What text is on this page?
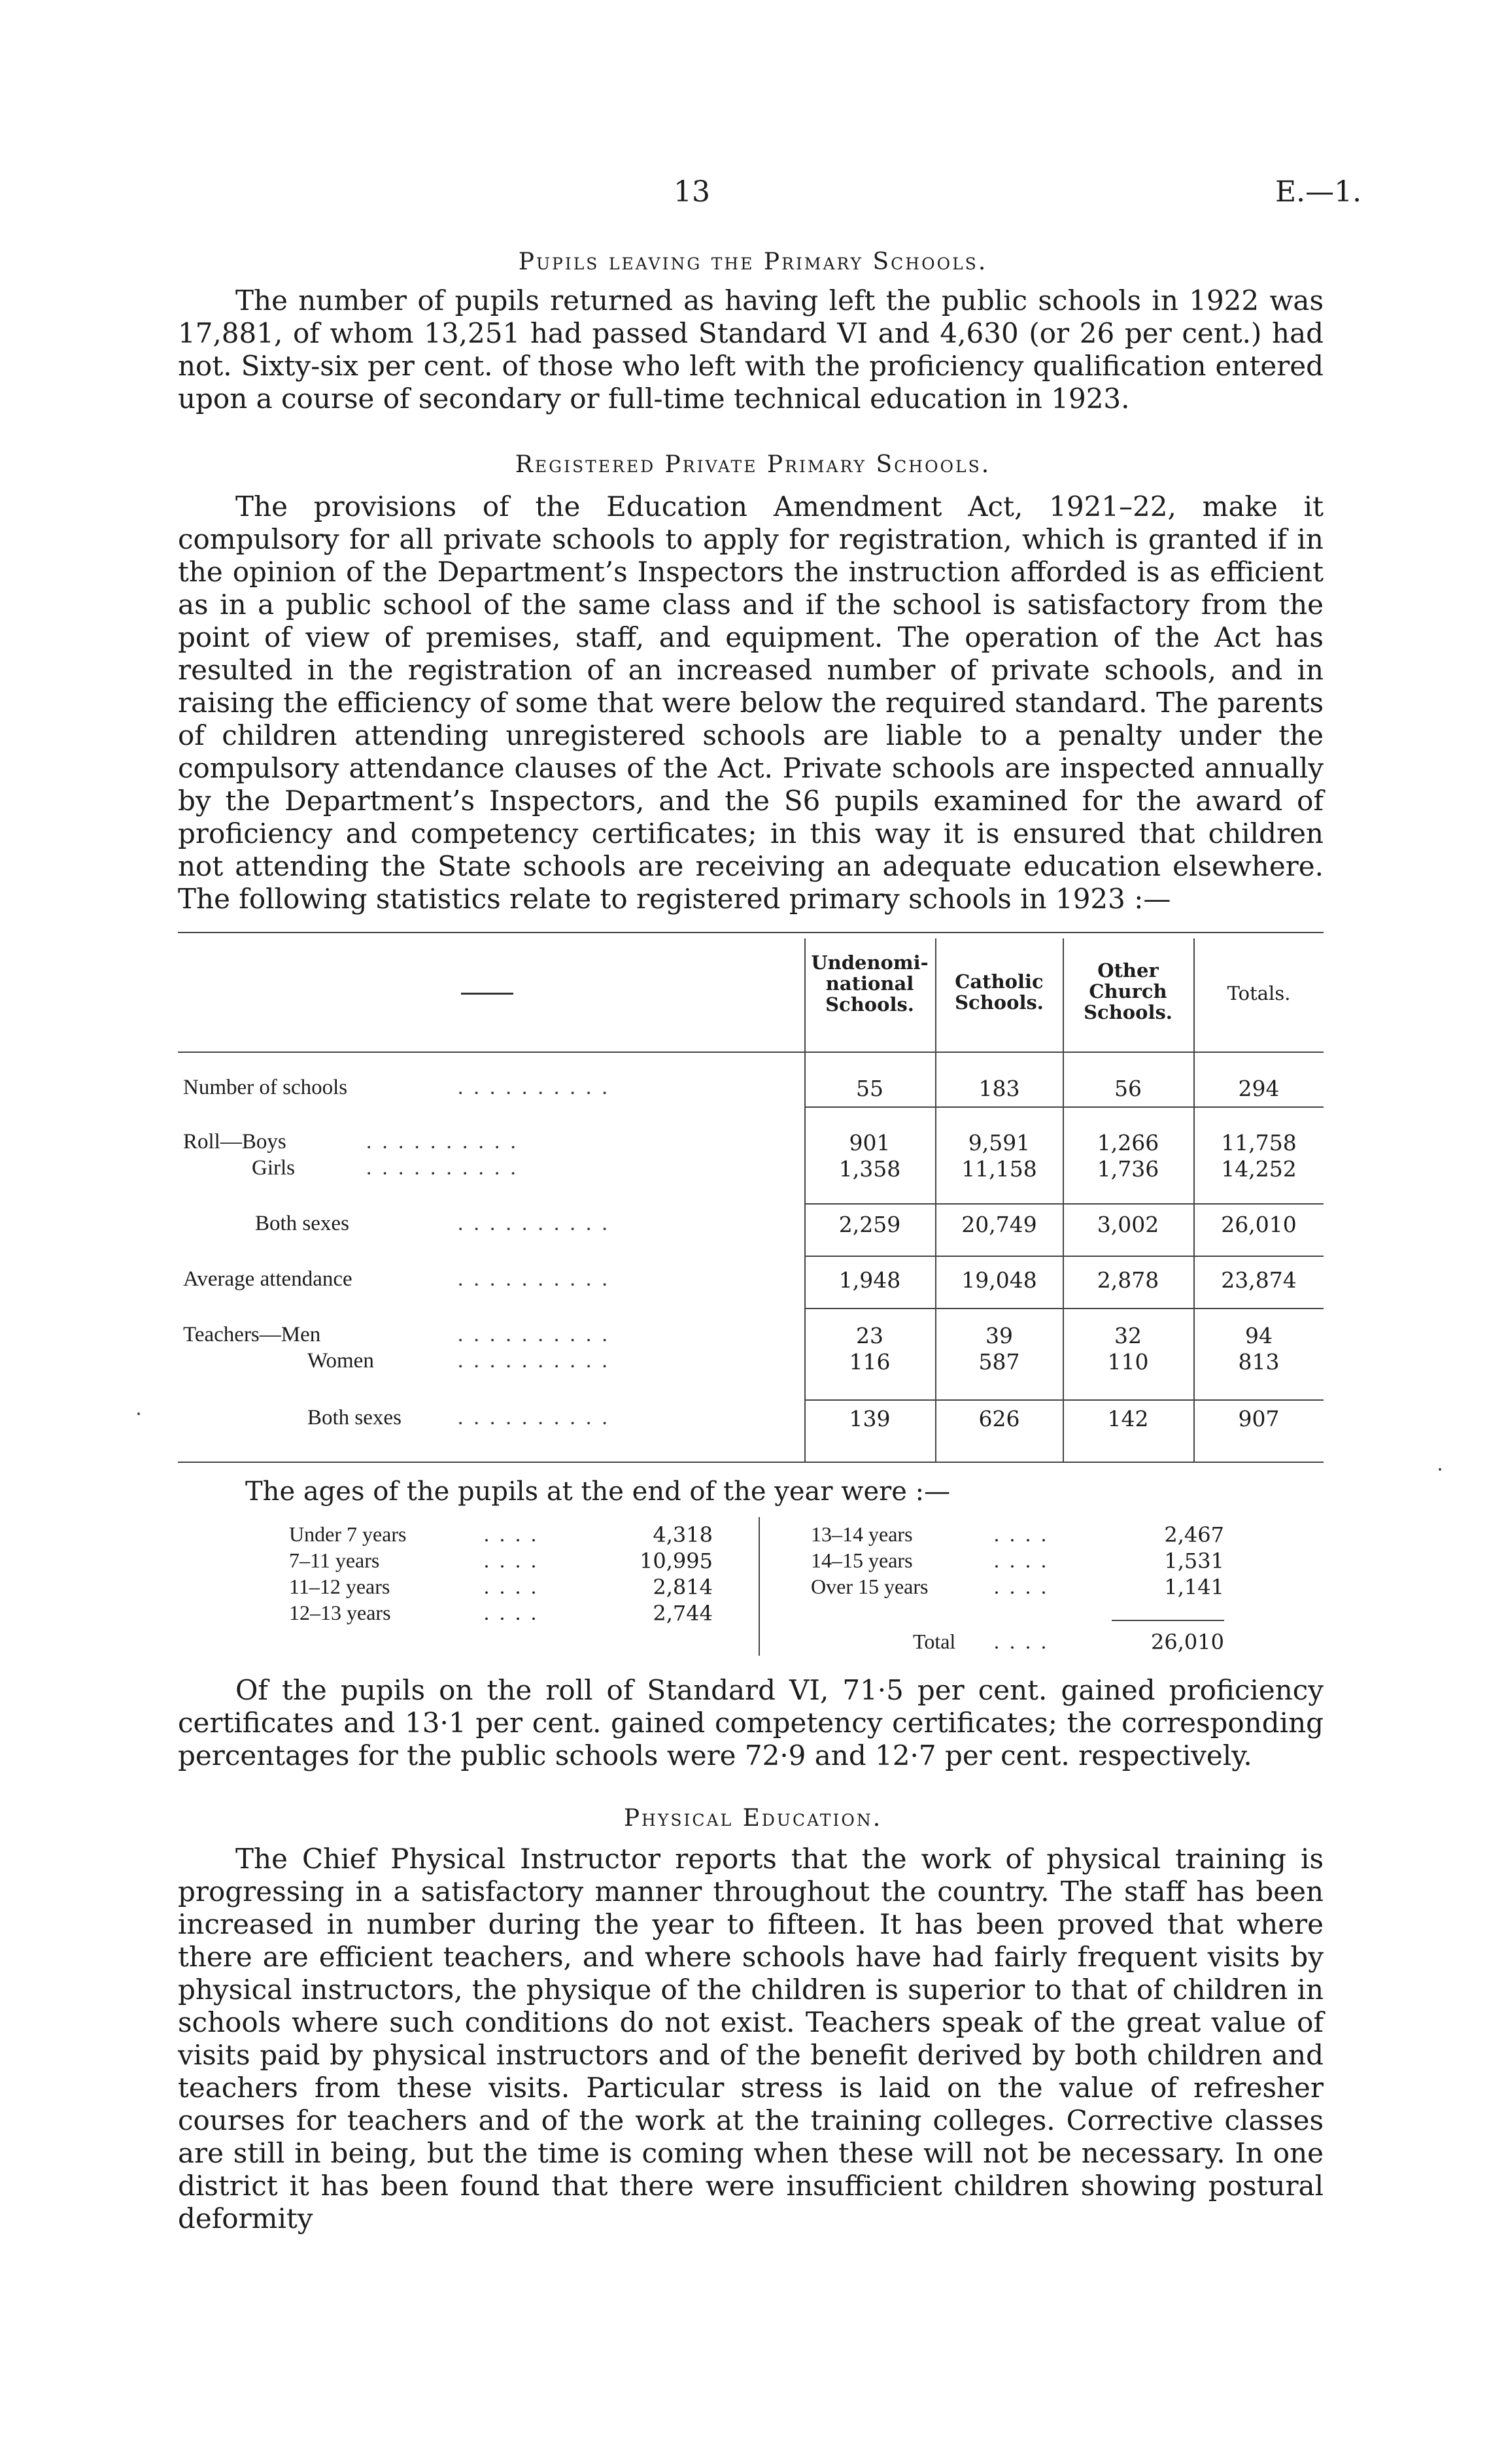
13	E.—1.
Pupils leaving the Primary Schools.

The number of pupils returned as having left the public schools in 1922 was 17,881, of whom 13,251 had passed Standard VI and 4,630 (or 26 per cent.) had not. Sixty-six per cent. of those who left with the proficiency qualification entered upon a course of secondary or full-time technical education in 1923.

Registered Private Primary Schools.

The provisions of the Education Amendment Act, 1921–22, make it compulsory for all private schools to apply for registration, which is granted if in the opinion of the Department’s Inspectors the instruction afforded is as efficient as in a public school of the same class and if the school is satisfactory from the point of view of premises, staff, and equipment. The operation of the Act has resulted in the registration of an increased number of private schools, and in raising the efficiency of some that were below the required standard. The parents of children attending unregistered schools are liable to a penalty under the compulsory attendance clauses of the Act. Private schools are inspected annually by the Department’s Inspectors, and the S6 pupils examined for the award of proficiency and competency certificates; in this way it is ensured that children not attending the State schools are receiving an adequate education elsewhere. The following statistics relate to registered primary schools in 1923 :—

Undenomi-
national
Schools.
Catholic
Schools.
Other
Church
Schools.
Totals.
Number of schools	. . . . . . . . . .	55	183	56	294
Roll—Boys	. . . . . . . . . .	901	9,591	1,266	11,758
Girls	. . . . . . . . . .	1,358	11,158	1,736	14,252
Both sexes	. . . . . . . . . .	2,259	20,749	3,002	26,010
Average attendance	. . . . . . . . . .	1,948	19,048	2,878	23,874
Teachers—Men	. . . . . . . . . .	23	39	32	94
Women	. . . . . . . . . .	116	587	110	813
Both sexes	. . . . . . . . . .	139	626	142	907
The ages of the pupils at the end of the year were :—
Under 7 years	. . . .	4,318
7–11 years	. . . .	10,995
11–12 years	. . . .	2,814
12–13 years	. . . .	2,744
13–14 years	. . . .	2,467
14–15 years	. . . .	1,531
Over 15 years	. . . .	1,141
Total . . . .	26,010

Of the pupils on the roll of Standard VI, 71·5 per cent. gained proficiency certificates and 13·1 per cent. gained competency certificates; the corresponding percentages for the public schools were 72·9 and 12·7 per cent. respectively.

Physical Education.

The Chief Physical Instructor reports that the work of physical training is progressing in a satisfactory manner throughout the country. The staff has been increased in number during the year to fifteen. It has been proved that where there are efficient teachers, and where schools have had fairly frequent visits by physical instructors, the physique of the children is superior to that of children in schools where such conditions do not exist. Teachers speak of the great value of visits paid by physical instructors and of the benefit derived by both children and teachers from these visits. Particular stress is laid on the value of refresher courses for teachers and of the work at the training colleges. Corrective classes are still in being, but the time is coming when these will not be necessary. In one district it has been found that there were insufficient children showing postural deformity
